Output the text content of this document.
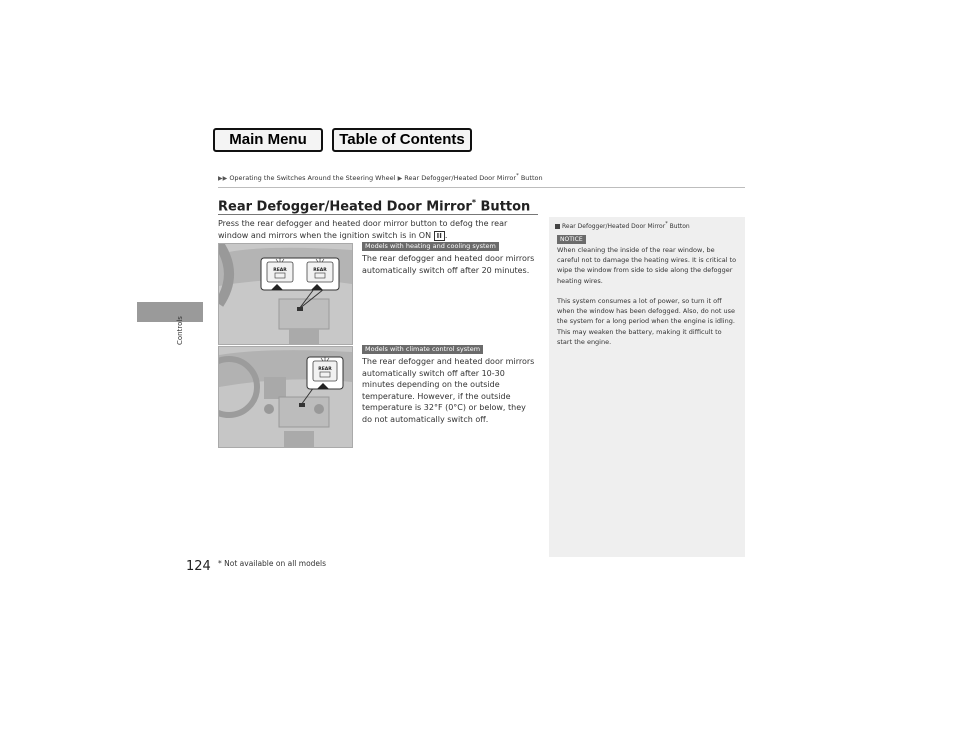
Main Menu	Table of Contents
▶▶ Operating the Switches Around the Steering Wheel ▶ Rear Defogger/Heated Door Mirror* Button
Controls
Rear Defogger/Heated Door Mirror* Button
Press the rear defogger and heated door mirror button to defog the rear window and mirrors when the ignition switch is in ON II .
REAR	REAR
REAR
Models with heating and cooling system
The rear defogger and heated door mirrors automatically switch off after 20 minutes.
Models with climate control system
The rear defogger and heated door mirrors automatically switch off after 10-30 minutes depending on the outside temperature. However, if the outside temperature is 32°F (0°C) or below, they do not automatically switch off.
Rear Defogger/Heated Door Mirror* Button
NOTICE
When cleaning the inside of the rear window, be careful not to damage the heating wires. It is critical to wipe the window from side to side along the defogger heating wires.
This system consumes a lot of power, so turn it off when the window has been defogged. Also, do not use the system for a long period when the engine is idling. This may weaken the battery, making it difficult to start the engine.
124 * Not available on all models
